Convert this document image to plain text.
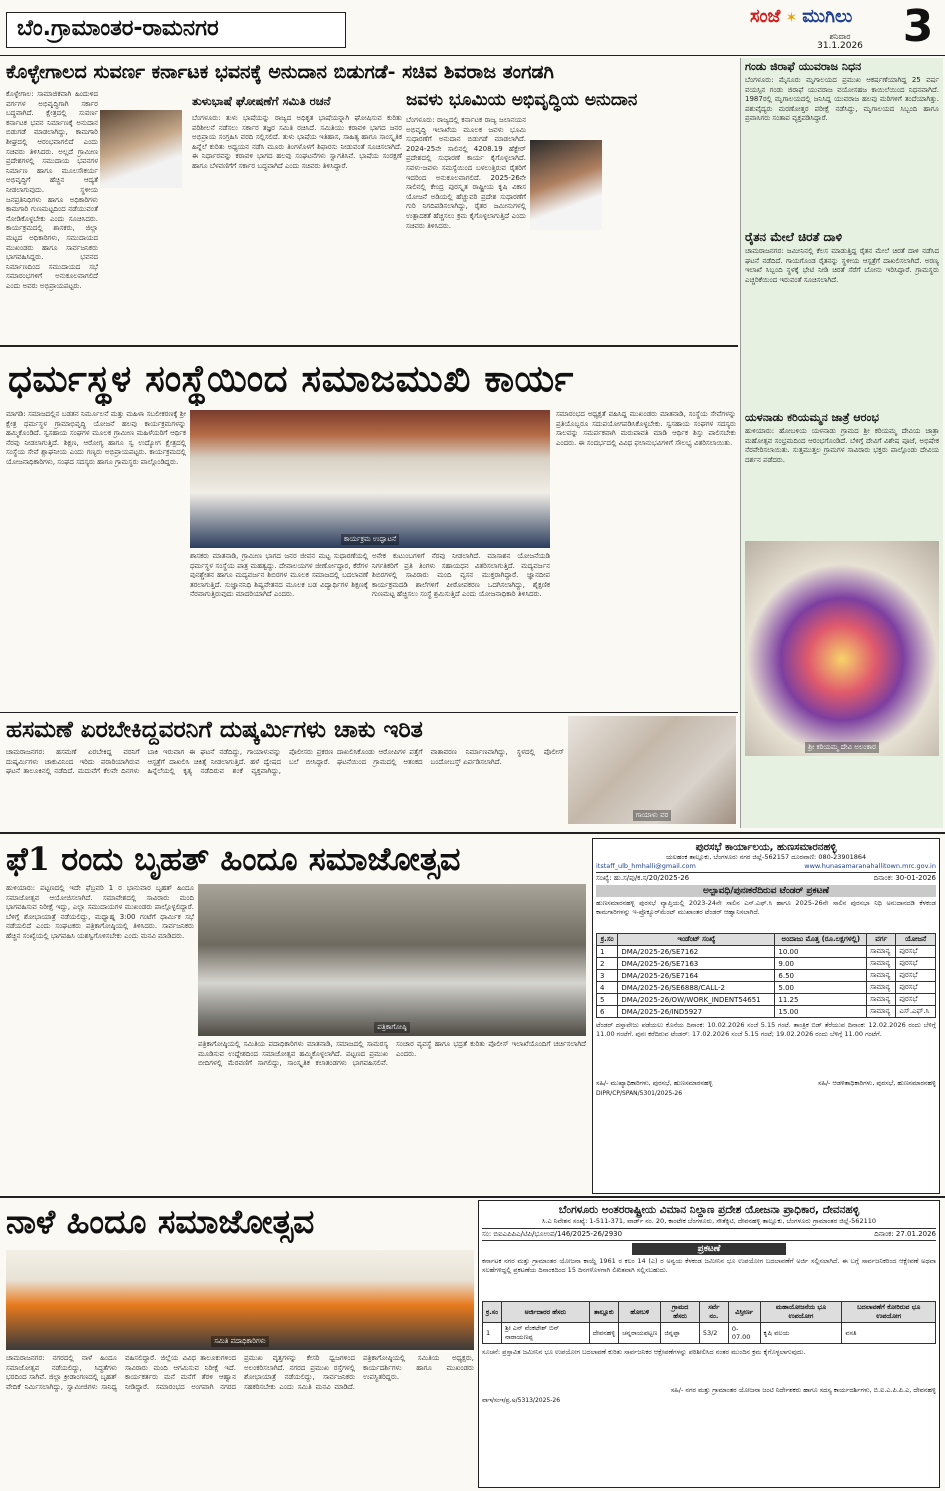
ಬೆಂ.ಗ್ರಾಮಾಂತರ-ರಾಮನಗರ	ಸಂಜೆ ✶ ಮುಗಿಲು
ಶನಿವಾರ
31.1.2026 3
ಕೊಳ್ಳೇಗಾಲದ ಸುವರ್ಣ ಕರ್ನಾಟಕ ಭವನಕ್ಕೆ ಅನುದಾನ ಬಿಡುಗಡೆ- ಸಚಿವ ಶಿವರಾಜ ತಂಗಡಗಿ
ಕೊಳ್ಳೇಗಾಲ: ಸಾಮಾಜಿಕವಾಗಿ ಹಿಂದುಳಿದ ವರ್ಗಗಳ ಅಭಿವೃದ್ಧಿಗಾಗಿ ಸರ್ಕಾರ ಬದ್ಧವಾಗಿದೆ. ಕ್ಷೇತ್ರದಲ್ಲಿ ಸುವರ್ಣ ಕರ್ನಾಟಕ ಭವನ ನಿರ್ಮಾಣಕ್ಕೆ ಅನುದಾನ ಬಿಡುಗಡೆ ಮಾಡಲಾಗಿದ್ದು, ಕಾಮಗಾರಿ ಶೀಘ್ರದಲ್ಲಿ ಆರಂಭವಾಗಲಿದೆ ಎಂದು ಸಚಿವರು ತಿಳಿಸಿದರು. ಅಲ್ಲದೆ ಗ್ರಾಮೀಣ ಪ್ರದೇಶಗಳಲ್ಲಿ ಸಮುದಾಯ ಭವನಗಳ ನಿರ್ಮಾಣ ಹಾಗೂ ಮೂಲಸೌಕರ್ಯ ಅಭಿವೃದ್ಧಿಗೆ ಹೆಚ್ಚಿನ ಆದ್ಯತೆ ನೀಡಲಾಗುವುದು. ಸ್ಥಳೀಯ ಜನಪ್ರತಿನಿಧಿಗಳು ಹಾಗೂ ಅಧಿಕಾರಿಗಳು ಕಾಮಗಾರಿ ಗುಣಮಟ್ಟದಿಂದ ನಡೆಯುವಂತೆ ನೋಡಿಕೊಳ್ಳಬೇಕು ಎಂದು ಸೂಚಿಸಿದರು. ಕಾರ್ಯಕ್ರಮದಲ್ಲಿ ಶಾಸಕರು, ಜಿಲ್ಲಾ ಮಟ್ಟದ ಅಧಿಕಾರಿಗಳು, ಸಮುದಾಯದ ಮುಖಂಡರು ಹಾಗೂ ಸಾರ್ವಜನಿಕರು ಭಾಗವಹಿಸಿದ್ದರು. ಭವನದ ನಿರ್ಮಾಣದಿಂದ ಸಮುದಾಯದ ಸಭೆ ಸಮಾರಂಭಗಳಿಗೆ ಅನುಕೂಲವಾಗಲಿದೆ ಎಂದು ಅವರು ಅಭಿಪ್ರಾಯಪಟ್ಟರು.
ತುಳುಭಾಷೆ ಘೋಷಣೆಗೆ ಸಮಿತಿ ರಚನೆ
ಬೆಂಗಳೂರು: ತುಳು ಭಾಷೆಯನ್ನು ರಾಜ್ಯದ ಅಧಿಕೃತ ಭಾಷೆಯನ್ನಾಗಿ ಘೋಷಿಸುವ ಕುರಿತು ಪರಿಶೀಲನೆ ನಡೆಸಲು ಸರ್ಕಾರ ತಜ್ಞರ ಸಮಿತಿ ರಚಿಸಿದೆ. ಸಮಿತಿಯು ಕರಾವಳಿ ಭಾಗದ ಜನರ ಅಭಿಪ್ರಾಯ ಸಂಗ್ರಹಿಸಿ ವರದಿ ಸಲ್ಲಿಸಲಿದೆ. ತುಳು ಭಾಷೆಯ ಇತಿಹಾಸ, ಸಾಹಿತ್ಯ ಹಾಗೂ ಸಾಂಸ್ಕೃತಿಕ ಹಿನ್ನೆಲೆ ಕುರಿತು ಅಧ್ಯಯನ ನಡೆಸಿ ಮೂರು ತಿಂಗಳೊಳಗೆ ಶಿಫಾರಸು ನೀಡುವಂತೆ ಸೂಚಿಸಲಾಗಿದೆ. ಈ ನಿರ್ಧಾರವನ್ನು ಕರಾವಳಿ ಭಾಗದ ಹಲವು ಸಂಘಟನೆಗಳು ಸ್ವಾಗತಿಸಿವೆ. ಭಾಷೆಯ ಸಂರಕ್ಷಣೆ ಹಾಗೂ ಬೆಳವಣಿಗೆಗೆ ಸರ್ಕಾರ ಬದ್ಧವಾಗಿದೆ ಎಂದು ಸಚಿವರು ತಿಳಿಸಿದ್ದಾರೆ.
ಜವಳು ಭೂಮಿಯ ಅಭಿವೃದ್ಧಿಯ ಅನುದಾನ
ಬೆಂಗಳೂರು: ರಾಜ್ಯದಲ್ಲಿ ಕರ್ನಾಟಕ ರಾಜ್ಯ ಜಲಾನಯನ ಅಭಿವೃದ್ಧಿ ಇಲಾಖೆಯ ಮೂಲಕ ಜವಳು ಭೂಮಿ ಸುಧಾರಣೆಗೆ ಅನುದಾನ ಬಿಡುಗಡೆ ಮಾಡಲಾಗಿದೆ. 2024-25ನೇ ಸಾಲಿನಲ್ಲಿ 4208.19 ಹೆಕ್ಟೇರ್ ಪ್ರದೇಶದಲ್ಲಿ ಸುಧಾರಣೆ ಕಾರ್ಯ ಕೈಗೊಳ್ಳಲಾಗಿದೆ. ಸವಳು-ಜವಳು ಸಮಸ್ಯೆಯಿಂದ ಬಳಲುತ್ತಿರುವ ರೈತರಿಗೆ ಇದರಿಂದ ಅನುಕೂಲವಾಗಲಿದೆ. 2025-26ನೇ ಸಾಲಿನಲ್ಲಿ ಕೇಂದ್ರ ಪುರಸ್ಕೃತ ರಾಷ್ಟ್ರೀಯ ಕೃಷಿ ವಿಕಾಸ ಯೋಜನೆ ಅಡಿಯಲ್ಲಿ ಹೆಚ್ಚುವರಿ ಪ್ರದೇಶ ಸುಧಾರಣೆಗೆ ಗುರಿ ನಿಗದಿಪಡಿಸಲಾಗಿದ್ದು, ರೈತರ ಜಮೀನುಗಳಲ್ಲಿ ಉತ್ಪಾದಕತೆ ಹೆಚ್ಚಿಸಲು ಕ್ರಮ ಕೈಗೊಳ್ಳಲಾಗುತ್ತಿದೆ ಎಂದು ಸಚಿವರು ತಿಳಿಸಿದರು.
ಗಂಡು ಜಿರಾಫೆ ಯುವರಾಜ ನಿಧನ
ಬೆಂಗಳೂರು: ಮೈಸೂರು ಮೃಗಾಲಯದ ಪ್ರಮುಖ ಆಕರ್ಷಣೆಯಾಗಿದ್ದ 25 ವರ್ಷ ವಯಸ್ಸಿನ ಗಂಡು ಜಿರಾಫೆ ಯುವರಾಜ ವಯೋಸಹಜ ಕಾಯಿಲೆಯಿಂದ ನಿಧನವಾಗಿದೆ. 1987ರಲ್ಲಿ ಮೃಗಾಲಯದಲ್ಲಿ ಜನಿಸಿದ್ದ ಯುವರಾಜ ಹಲವು ಮರಿಗಳಿಗೆ ತಂದೆಯಾಗಿತ್ತು. ಪಶುವೈದ್ಯರು ಮರಣೋತ್ತರ ಪರೀಕ್ಷೆ ನಡೆಸಿದ್ದು, ಮೃಗಾಲಯದ ಸಿಬ್ಬಂದಿ ಹಾಗೂ ಪ್ರವಾಸಿಗರು ಸಂತಾಪ ವ್ಯಕ್ತಪಡಿಸಿದ್ದಾರೆ.
ರೈತನ ಮೇಲೆ ಚಿರತೆ ದಾಳಿ
ಚಾಮರಾಜನಗರ: ಜಮೀನಿನಲ್ಲಿ ಕೆಲಸ ಮಾಡುತ್ತಿದ್ದ ರೈತನ ಮೇಲೆ ಚಿರತೆ ದಾಳಿ ನಡೆಸಿದ ಘಟನೆ ನಡೆದಿದೆ. ಗಾಯಗೊಂಡ ರೈತನನ್ನು ಸ್ಥಳೀಯ ಆಸ್ಪತ್ರೆಗೆ ದಾಖಲಿಸಲಾಗಿದೆ. ಅರಣ್ಯ ಇಲಾಖೆ ಸಿಬ್ಬಂದಿ ಸ್ಥಳಕ್ಕೆ ಭೇಟಿ ನೀಡಿ ಚಿರತೆ ಸೆರೆಗೆ ಬೋನು ಇರಿಸಿದ್ದಾರೆ. ಗ್ರಾಮಸ್ಥರು ಎಚ್ಚರಿಕೆಯಿಂದ ಇರುವಂತೆ ಸೂಚಿಸಲಾಗಿದೆ.
ಯಳನಾಡು ಕರಿಯಮ್ಮನ ಜಾತ್ರೆ ಆರಂಭ
ಹುಳಿಯಾರು: ಹೋಬಳಿಯ ಯಳನಾಡು ಗ್ರಾಮದ ಶ್ರೀ ಕರಿಯಮ್ಮ ದೇವಿಯ ಜಾತ್ರಾ ಮಹೋತ್ಸವ ಸಂಭ್ರಮದಿಂದ ಆರಂಭಗೊಂಡಿದೆ. ಬೆಳಿಗ್ಗೆ ದೇವಿಗೆ ವಿಶೇಷ ಪೂಜೆ, ಅಭಿಷೇಕ ನೆರವೇರಿಸಲಾಯಿತು. ಸುತ್ತಮುತ್ತಲ ಗ್ರಾಮಗಳ ಸಾವಿರಾರು ಭಕ್ತರು ಪಾಲ್ಗೊಂಡು ದೇವಿಯ ದರ್ಶನ ಪಡೆದರು.
ಶ್ರೀ ಕರಿಯಮ್ಮ ದೇವಿ ಅಲಂಕಾರ
ಧರ್ಮಸ್ಥಳ ಸಂಸ್ಥೆಯಿಂದ ಸಮಾಜಮುಖಿ ಕಾರ್ಯ
ಕಾರ್ಯಕ್ರಮ ಉದ್ಘಾಟನೆ
ಮಾಗಡಿ: ಸಮಾಜದಲ್ಲಿನ ಬಡತನ ನಿರ್ಮೂಲನೆ ಮತ್ತು ಮಹಿಳಾ ಸಬಲೀಕರಣಕ್ಕೆ ಶ್ರೀ ಕ್ಷೇತ್ರ ಧರ್ಮಸ್ಥಳ ಗ್ರಾಮಾಭಿವೃದ್ಧಿ ಯೋಜನೆ ಹಲವು ಕಾರ್ಯಕ್ರಮಗಳನ್ನು ಹಮ್ಮಿಕೊಂಡಿದೆ. ಸ್ವಸಹಾಯ ಸಂಘಗಳ ಮೂಲಕ ಗ್ರಾಮೀಣ ಮಹಿಳೆಯರಿಗೆ ಆರ್ಥಿಕ ನೆರವು ನೀಡಲಾಗುತ್ತಿದೆ. ಶಿಕ್ಷಣ, ಆರೋಗ್ಯ ಹಾಗೂ ಸ್ವ ಉದ್ಯೋಗ ಕ್ಷೇತ್ರದಲ್ಲಿ ಸಂಸ್ಥೆಯ ಸೇವೆ ಶ್ಲಾಘನೀಯ ಎಂದು ಗಣ್ಯರು ಅಭಿಪ್ರಾಯಪಟ್ಟರು. ಕಾರ್ಯಕ್ರಮದಲ್ಲಿ ಯೋಜನಾಧಿಕಾರಿಗಳು, ಸಂಘದ ಸದಸ್ಯರು ಹಾಗೂ ಗ್ರಾಮಸ್ಥರು ಪಾಲ್ಗೊಂಡಿದ್ದರು.
ಶಾಸಕರು ಮಾತನಾಡಿ, ಗ್ರಾಮೀಣ ಭಾಗದ ಜನರ ಜೀವನ ಮಟ್ಟ ಸುಧಾರಣೆಯಲ್ಲಿ ಧರ್ಮಸ್ಥಳ ಸಂಸ್ಥೆಯ ಪಾತ್ರ ಮಹತ್ವದ್ದು. ದೇವಾಲಯಗಳ ಜೀರ್ಣೋದ್ಧಾರ, ಕೆರೆಗಳ ಪುನಶ್ಚೇತನ ಹಾಗೂ ಮದ್ಯವರ್ಜನ ಶಿಬಿರಗಳ ಮೂಲಕ ಸಮಾಜದಲ್ಲಿ ಬದಲಾವಣೆ ತರಲಾಗುತ್ತಿದೆ. ಸುಜ್ಞಾನನಿಧಿ ಶಿಷ್ಯವೇತನದ ಮೂಲಕ ಬಡ ವಿದ್ಯಾರ್ಥಿಗಳ ಶಿಕ್ಷಣಕ್ಕೆ ನೆರವಾಗುತ್ತಿರುವುದು ಮಾದರಿಯಾಗಿದೆ ಎಂದರು.
ಅನೇಕ ಕುಟುಂಬಗಳಿಗೆ ನೆರವು ನೀಡಲಾಗಿದೆ. ಮಾಸಾಶನ ಯೋಜನೆಯಡಿ ನಿರ್ಗತಿಕರಿಗೆ ಪ್ರತಿ ತಿಂಗಳು ಸಹಾಯಧನ ವಿತರಿಸಲಾಗುತ್ತಿದೆ. ಮದ್ಯವರ್ಜನ ಶಿಬಿರಗಳಲ್ಲಿ ಸಾವಿರಾರು ಮಂದಿ ವ್ಯಸನ ಮುಕ್ತರಾಗಿದ್ದಾರೆ. ಜ್ಞಾನದೀಪ ಕಾರ್ಯಕ್ರಮದಡಿ ಶಾಲೆಗಳಿಗೆ ಪೀಠೋಪಕರಣ ಒದಗಿಸಲಾಗಿದ್ದು, ಶೈಕ್ಷಣಿಕ ಗುಣಮಟ್ಟ ಹೆಚ್ಚಿಸಲು ಸಂಸ್ಥೆ ಶ್ರಮಿಸುತ್ತಿದೆ ಎಂದು ಯೋಜನಾಧಿಕಾರಿ ತಿಳಿಸಿದರು.
ಸಮಾರಂಭದ ಅಧ್ಯಕ್ಷತೆ ವಹಿಸಿದ್ದ ಮುಖಂಡರು ಮಾತನಾಡಿ, ಸಂಸ್ಥೆಯ ಸೇವೆಗಳನ್ನು ಪ್ರತಿಯೊಬ್ಬರೂ ಸದುಪಯೋಗಪಡಿಸಿಕೊಳ್ಳಬೇಕು. ಸ್ವಸಹಾಯ ಸಂಘಗಳ ಸದಸ್ಯರು ಸಾಲವನ್ನು ಸಮರ್ಪಕವಾಗಿ ಮರುಪಾವತಿ ಮಾಡಿ ಆರ್ಥಿಕ ಶಿಸ್ತು ಪಾಲಿಸಬೇಕು ಎಂದರು. ಈ ಸಂದರ್ಭದಲ್ಲಿ ವಿವಿಧ ಫಲಾನುಭವಿಗಳಿಗೆ ಸೌಲಭ್ಯ ವಿತರಿಸಲಾಯಿತು.
ಹಸಮಣೆ ಏರಬೇಕಿದ್ದವರನಿಗೆ ದುಷ್ಕರ್ಮಿಗಳು ಚಾಕು ಇರಿತ
ಗಾಯಾಳು ವರ
ಚಾಮರಾಜನಗರ: ಹಸಮಣೆ ಏರಬೇಕಿದ್ದ ವರನಿಗೆ ದುಷ್ಕರ್ಮಿಗಳು ಚಾಕುವಿನಿಂದ ಇರಿದು ಪರಾರಿಯಾಗಿರುವ ಘಟನೆ ತಾಲೂಕಿನಲ್ಲಿ ನಡೆದಿದೆ. ಮದುವೆಗೆ ಕೆಲವೇ ದಿನಗಳು ಬಾಕಿ ಇರುವಾಗ ಈ ಘಟನೆ ನಡೆದಿದ್ದು, ಗಾಯಾಳುವನ್ನು ಆಸ್ಪತ್ರೆಗೆ ದಾಖಲಿಸಿ ಚಿಕಿತ್ಸೆ ನೀಡಲಾಗುತ್ತಿದೆ. ಹಳೆ ದ್ವೇಷದ ಹಿನ್ನೆಲೆಯಲ್ಲಿ ಕೃತ್ಯ ನಡೆದಿರುವ ಶಂಕೆ ವ್ಯಕ್ತವಾಗಿದ್ದು, ಪೊಲೀಸರು ಪ್ರಕರಣ ದಾಖಲಿಸಿಕೊಂಡು ಆರೋಪಿಗಳ ಪತ್ತೆಗೆ ಬಲೆ ಬೀಸಿದ್ದಾರೆ. ಘಟನೆಯಿಂದ ಗ್ರಾಮದಲ್ಲಿ ಆತಂಕದ ವಾತಾವರಣ ನಿರ್ಮಾಣವಾಗಿದ್ದು, ಸ್ಥಳದಲ್ಲಿ ಪೊಲೀಸ್ ಬಂದೋಬಸ್ತ್ ಏರ್ಪಡಿಸಲಾಗಿದೆ.
ಫೆ1 ರಂದು ಬೃಹತ್ ಹಿಂದೂ ಸಮಾಜೋತ್ಸವ
ಪತ್ರಿಕಾಗೋಷ್ಠಿ
ಹುಳಿಯಾರು: ಪಟ್ಟಣದಲ್ಲಿ ಇದೇ ಫೆಬ್ರವರಿ 1 ರ ಭಾನುವಾರ ಬೃಹತ್ ಹಿಂದೂ ಸಮಾಜೋತ್ಸವ ಆಯೋಜಿಸಲಾಗಿದೆ. ಸಮಾವೇಶದಲ್ಲಿ ಸಾವಿರಾರು ಮಂದಿ ಭಾಗವಹಿಸುವ ನಿರೀಕ್ಷೆ ಇದ್ದು, ಎಲ್ಲಾ ಸಮುದಾಯಗಳ ಮುಖಂಡರು ಪಾಲ್ಗೊಳ್ಳಲಿದ್ದಾರೆ. ಬೆಳಿಗ್ಗೆ ಶೋಭಾಯಾತ್ರೆ ನಡೆಯಲಿದ್ದು, ಮಧ್ಯಾಹ್ನ 3:00 ಗಂಟೆಗೆ ಧಾರ್ಮಿಕ ಸಭೆ ನಡೆಯಲಿದೆ ಎಂದು ಸಂಘಟಕರು ಪತ್ರಿಕಾಗೋಷ್ಠಿಯಲ್ಲಿ ತಿಳಿಸಿದರು. ಸಾರ್ವಜನಿಕರು ಹೆಚ್ಚಿನ ಸಂಖ್ಯೆಯಲ್ಲಿ ಭಾಗವಹಿಸಿ ಯಶಸ್ವಿಗೊಳಿಸಬೇಕು ಎಂದು ಮನವಿ ಮಾಡಿದರು.
ಪತ್ರಿಕಾಗೋಷ್ಠಿಯಲ್ಲಿ ಸಮಿತಿಯ ಪದಾಧಿಕಾರಿಗಳು ಮಾತನಾಡಿ, ಸಮಾಜದಲ್ಲಿ ಸಾಮರಸ್ಯ ಮೂಡಿಸುವ ಉದ್ದೇಶದಿಂದ ಸಮಾಜೋತ್ಸವ ಹಮ್ಮಿಕೊಳ್ಳಲಾಗಿದೆ. ಪಟ್ಟಣದ ಪ್ರಮುಖ ಬೀದಿಗಳಲ್ಲಿ ಮೆರವಣಿಗೆ ಸಾಗಲಿದ್ದು, ಸಾಂಸ್ಕೃತಿಕ ಕಲಾತಂಡಗಳು ಭಾಗವಹಿಸಲಿವೆ. ಸಂಚಾರ ವ್ಯವಸ್ಥೆ ಹಾಗೂ ಭದ್ರತೆ ಕುರಿತು ಪೊಲೀಸ್ ಇಲಾಖೆಯೊಂದಿಗೆ ಚರ್ಚಿಸಲಾಗಿದೆ ಎಂದರು.
ಪುರಸಭೆ ಕಾರ್ಯಾಲಯ, ಹುಣಸಮಾರನಹಳ್ಳಿ
ಯಲಹಂಕ ತಾಲ್ಲೂಕು, ಬೆಂಗಳೂರು ನಗರ ಜಿಲ್ಲೆ-562157 ದೂರವಾಣಿ: 080-23901864
itstaff_ulb_hmhalli@gmail.com	www.hunasamaranahallitown.mrc.gov.in
ಸಂಖ್ಯೆ: ಹು.ಸ/ಪು/ಕ.ಸ/20/2025-26	ದಿನಾಂಕ: 30-01-2026
ಅಲ್ಪಾವಧಿ/ಪುನಃಕರೆದಿರುವ ಟೆಂಡರ್ ಪ್ರಕಟಣೆ
ಹುಣಸಮಾರನಹಳ್ಳಿ ಪುರಸಭೆ ವ್ಯಾಪ್ತಿಯಲ್ಲಿ 2023-24ನೇ ಸಾಲಿನ ಎಸ್.ಎಫ್.ಸಿ ಹಾಗೂ 2025-26ನೇ ಸಾಲಿನ ಪುರಸಭಾ ನಿಧಿ ಅನುದಾನದಡಿ ಕೆಳಕಂಡ ಕಾಮಗಾರಿಗಳನ್ನು ಇ-ಪ್ರೊಕ್ಯೂರ್‌ಮೆಂಟ್ ಮುಖಾಂತರ ಟೆಂಡರ್ ಆಹ್ವಾನಿಸಲಾಗಿದೆ.
ಕ್ರ.ಸಂ	ಇಂಡೆಂಟ್ ಸಂಖ್ಯೆ	ಅಂದಾಜು ಮೊತ್ತ (ರೂ.ಲಕ್ಷಗಳಲ್ಲಿ)	ವರ್ಗ	ಯೋಜನೆ
1	DMA/2025-26/SE7162	10.00	ಸಾಮಾನ್ಯ	ಪುರಸಭೆ
2	DMA/2025-26/SE7163	9.00	ಸಾಮಾನ್ಯ	ಪುರಸಭೆ
3	DMA/2025-26/SE7164	6.50	ಸಾಮಾನ್ಯ	ಪುರಸಭೆ
4	DMA/2025-26/SE6888/CALL-2	5.00	ಸಾಮಾನ್ಯ	ಪುರಸಭೆ
5	DMA/2025-26/OW/WORK_INDENT54651	11.25	ಸಾಮಾನ್ಯ	ಪುರಸಭೆ
6	DMA/2025-26/IND5927	15.00	ಸಾಮಾನ್ಯ	ಎಸ್.ಎಫ್.ಸಿ
ಟೆಂಡರ್ ದಸ್ತಾವೇಜು ಪಡೆಯಲು ಕೊನೆಯ ದಿನಾಂಕ: 10.02.2026 ಸಂಜೆ 5.15 ಗಂಟೆ. ತಾಂತ್ರಿಕ ಬಿಡ್ ತೆರೆಯುವ ದಿನಾಂಕ: 12.02.2026 ರಂದು ಬೆಳಿಗ್ಗೆ 11.00 ಗಂಟೆಗೆ. ಪುನಃ ಕರೆದಿರುವ ಟೆಂಡರ್: 17.02.2026 ಸಂಜೆ 5.15 ಗಂಟೆ; 19.02.2026 ರಂದು ಬೆಳಿಗ್ಗೆ 11.00 ಗಂಟೆಗೆ.
ಸಹಿ/- ಮುಖ್ಯಾಧಿಕಾರಿಗಳು, ಪುರಸಭೆ, ಹುಣಸಮಾರನಹಳ್ಳಿ	ಸಹಿ/- ಆಡಳಿತಾಧಿಕಾರಿಗಳು, ಪುರಸಭೆ, ಹುಣಸಮಾರನಹಳ್ಳಿ
DIPR/CP/SPAN/5301/2025-26
ನಾಳೆ ಹಿಂದೂ ಸಮಾಜೋತ್ಸವ
ಸಮಿತಿ ಪದಾಧಿಕಾರಿಗಳು
ಚಾಮರಾಜನಗರ: ನಗರದಲ್ಲಿ ನಾಳೆ ಹಿಂದೂ ಸಮಾಜೋತ್ಸವ ನಡೆಯಲಿದ್ದು, ಸಿದ್ಧತೆಗಳು ಭರದಿಂದ ಸಾಗಿವೆ. ಜಿಲ್ಲಾ ಕ್ರೀಡಾಂಗಣದಲ್ಲಿ ಬೃಹತ್ ವೇದಿಕೆ ನಿರ್ಮಿಸಲಾಗಿದ್ದು, ಸ್ವಾಮೀಜಿಗಳು ಸಾನಿಧ್ಯ ವಹಿಸಲಿದ್ದಾರೆ. ಜಿಲ್ಲೆಯ ವಿವಿಧ ತಾಲೂಕುಗಳಿಂದ ಸಾವಿರಾರು ಮಂದಿ ಆಗಮಿಸುವ ನಿರೀಕ್ಷೆ ಇದೆ. ಕಾರ್ಯಕರ್ತರು ಮನೆ ಮನೆಗೆ ತೆರಳಿ ಆಹ್ವಾನ ನೀಡಿದ್ದಾರೆ. ಸಮಾರಂಭದ ಅಂಗವಾಗಿ ನಗರದ ಪ್ರಮುಖ ವೃತ್ತಗಳನ್ನು ಕೇಸರಿ ಧ್ವಜಗಳಿಂದ ಅಲಂಕರಿಸಲಾಗಿದೆ. ನಗರದ ಪ್ರಮುಖ ರಸ್ತೆಗಳಲ್ಲಿ ಶೋಭಾಯಾತ್ರೆ ನಡೆಯಲಿದ್ದು, ಸಾರ್ವಜನಿಕರು ಸಹಕರಿಸಬೇಕು ಎಂದು ಸಮಿತಿ ಮನವಿ ಮಾಡಿದೆ. ಪತ್ರಿಕಾಗೋಷ್ಠಿಯಲ್ಲಿ ಸಮಿತಿಯ ಅಧ್ಯಕ್ಷರು, ಕಾರ್ಯದರ್ಶಿಗಳು ಹಾಗೂ ಮುಖಂಡರು ಉಪಸ್ಥಿತರಿದ್ದರು.
ಬೆಂಗಳೂರು ಅಂತರರಾಷ್ಟ್ರೀಯ ವಿಮಾನ ನಿಲ್ದಾಣ ಪ್ರದೇಶ ಯೋಜನಾ ಪ್ರಾಧಿಕಾರ, ದೇವನಹಳ್ಳಿ
ಸಿ.ಎ ನಿವೇಶನ ಸಂಖ್ಯೆ: 1-511-371, ವಾರ್ಡ್ ನಂ. 20, ಕಾಂಟೇಕ ಬೆಂಗಳೂರು, ಸೌತೆಕ್ಸಿಟಿ, ದೇವನಹಳ್ಳಿ ತಾಲ್ಲೂಕು, ಬೆಂಗಳೂರು ಗ್ರಾಮಾಂತರ ಜಿಲ್ಲೆ-562110
ಸಂ: ಬಿಐಎಪಿಪಿಎ/ಟಿಪಿ/ಭೂಉಪ/146/2025-26/2930	ದಿನಾಂಕ: 27.01.2026
ಪ್ರಕಟಣೆ
ಕರ್ನಾಟಕ ನಗರ ಮತ್ತು ಗ್ರಾಮಾಂತರ ಯೋಜನಾ ಕಾಯ್ದೆ 1961 ರ ಕಲಂ 14 (ಎ) ರ ಅನ್ವಯ ಕೆಳಕಂಡ ಜಮೀನಿನ ಭೂ ಉಪಯೋಗ ಬದಲಾವಣೆಗೆ ಅರ್ಜಿ ಸಲ್ಲಿಸಲಾಗಿದೆ. ಈ ಬಗ್ಗೆ ಸಾರ್ವಜನಿಕರಿಂದ ಆಕ್ಷೇಪಣೆ ಅಥವಾ ಸಲಹೆಗಳಿದ್ದಲ್ಲಿ ಪ್ರಕಟಣೆಯ ದಿನಾಂಕದಿಂದ 15 ದಿನಗಳೊಳಗಾಗಿ ಲಿಖಿತವಾಗಿ ಸಲ್ಲಿಸಬಹುದು.
ಕ್ರ.ಸಂ	ಅರ್ಜಿದಾರರ ಹೆಸರು	ತಾಲ್ಲೂಕು	ಹೋಬಳಿ	ಗ್ರಾಮದ ಹೆಸರು	ಸರ್ವೆ ನಂ.	ವಿಸ್ತೀರ್ಣ	ಮಹಾಯೋಜನೆಯ ಭೂ ಉಪಯೋಗ	ಬದಲಾವಣೆಗೆ ಕೋರಿರುವ ಭೂ ಉಪಯೋಗ
1	ಶ್ರೀ ಎನ್ ವೆಂಕಟೇಶ್ ಬಿನ್ ನಾರಾಯಣಪ್ಪ	ದೇವನಹಳ್ಳಿ	ಚನ್ನರಾಯಪಟ್ಟಣ	ಜಿನ್ನಪ್ಪಾ	53/2	0-07.00	ಕೃಷಿ ವಲಯ	ವಸತಿ
ಸೂಚನೆ: ಪ್ರಸ್ತಾವಿತ ಜಮೀನಿನ ಭೂ ಉಪಯೋಗ ಬದಲಾವಣೆ ಕುರಿತು ಸಾರ್ವಜನಿಕರ ಆಕ್ಷೇಪಣೆಗಳನ್ನು ಪರಿಶೀಲಿಸಿದ ನಂತರ ಮುಂದಿನ ಕ್ರಮ ಕೈಗೊಳ್ಳಲಾಗುವುದು.
ಸಹಿ/- ನಗರ ಮತ್ತು ಗ್ರಾಮಾಂತರ ಯೋಜನಾ ಜಂಟಿ ನಿರ್ದೇಶಕರು ಹಾಗೂ ಸದಸ್ಯ ಕಾರ್ಯದರ್ಶಿಗಳು, ಬಿ.ಐ.ಎ.ಪಿ.ಪಿ.ಎ, ದೇವನಹಳ್ಳಿ
ವಾಇ/ಸಂಇ/ಪ್ರ.ಅ/5313/2025-26
